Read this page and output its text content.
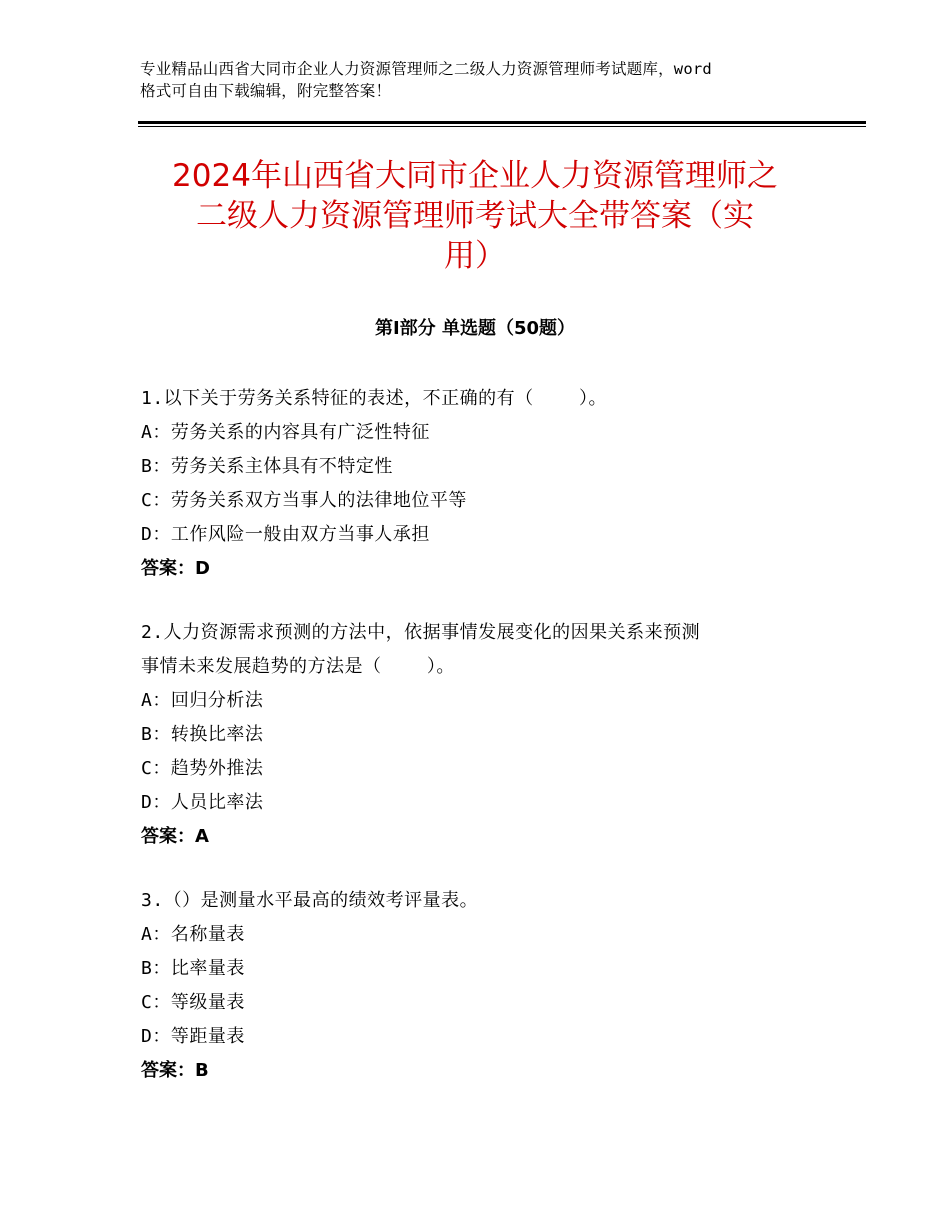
专业精品山西省大同市企业人力资源管理师之二级人力资源管理师考试题库，word
格式可自由下载编辑，附完整答案！
2024年山西省大同市企业人力资源管理师之
二级人力资源管理师考试大全带答案（实
用）
第Ⅰ部分 单选题（50题）
1.以下关于劳务关系特征的表述，不正确的有（    ）。
A：劳务关系的内容具有广泛性特征
B：劳务关系主体具有不特定性
C：劳务关系双方当事人的法律地位平等
D：工作风险一般由双方当事人承担
答案：D
2.人力资源需求预测的方法中，依据事情发展变化的因果关系来预测
事情未来发展趋势的方法是（    ）。
A：回归分析法
B：转换比率法
C：趋势外推法
D：人员比率法
答案：A
3.（）是测量水平最高的绩效考评量表。
A：名称量表
B：比率量表
C：等级量表
D：等距量表
答案：B
